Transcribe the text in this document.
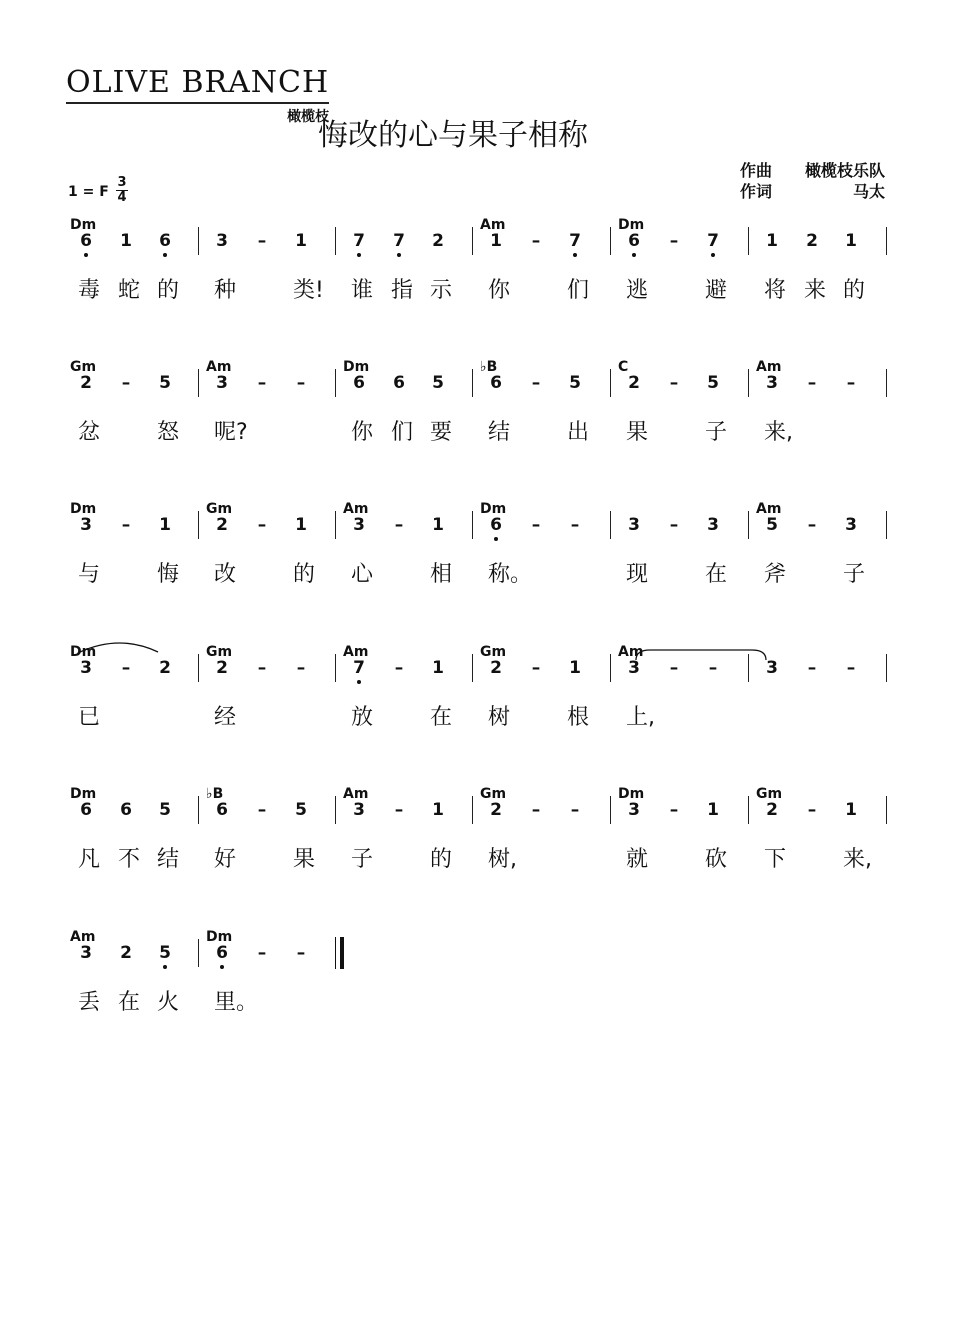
OLIVE BRANCH
橄榄枝
悔改的心与果子相称
作曲 橄榄枝乐队
作词	马太
1 = F $\frac{3}{4}$
Dm	Am	Dm
6 1 6	3 – 1	7 7 2	1 – 7	6 – 7	1 2 1
毒 蛇 的 种	类! 谁 指 示 你	们 逃	避 将 来 的
Gm	Am	Dm	♭B	C	Am
2 – 5	3 – –	6 6 5	6 – 5	2 – 5	3 – –
忿	怒 呢?	你 们 要 结	出 果	子 来,
Dm	Gm	Am	Dm	Am
3 – 1	2 – 1	3 – 1	6 – –	3 – 3	5 – 3
与	悔 改	的 心	相 称。	现	在 斧	子
Dm	Gm	Am	Gm	Am
3 – 2	2 – –	7 – 1	2 – 1	3 – –	3 – –
已	经	放	在 树	根 上,
Dm	♭B	Am	Gm	Dm	Gm
6 6 5	6 – 5	3 – 1	2 – –	3 – 1	2 – 1
凡 不 结 好	果 子	的 树,	就	砍 下	来,
Am	Dm
3 2 5	6 – –
丢 在 火 里。
